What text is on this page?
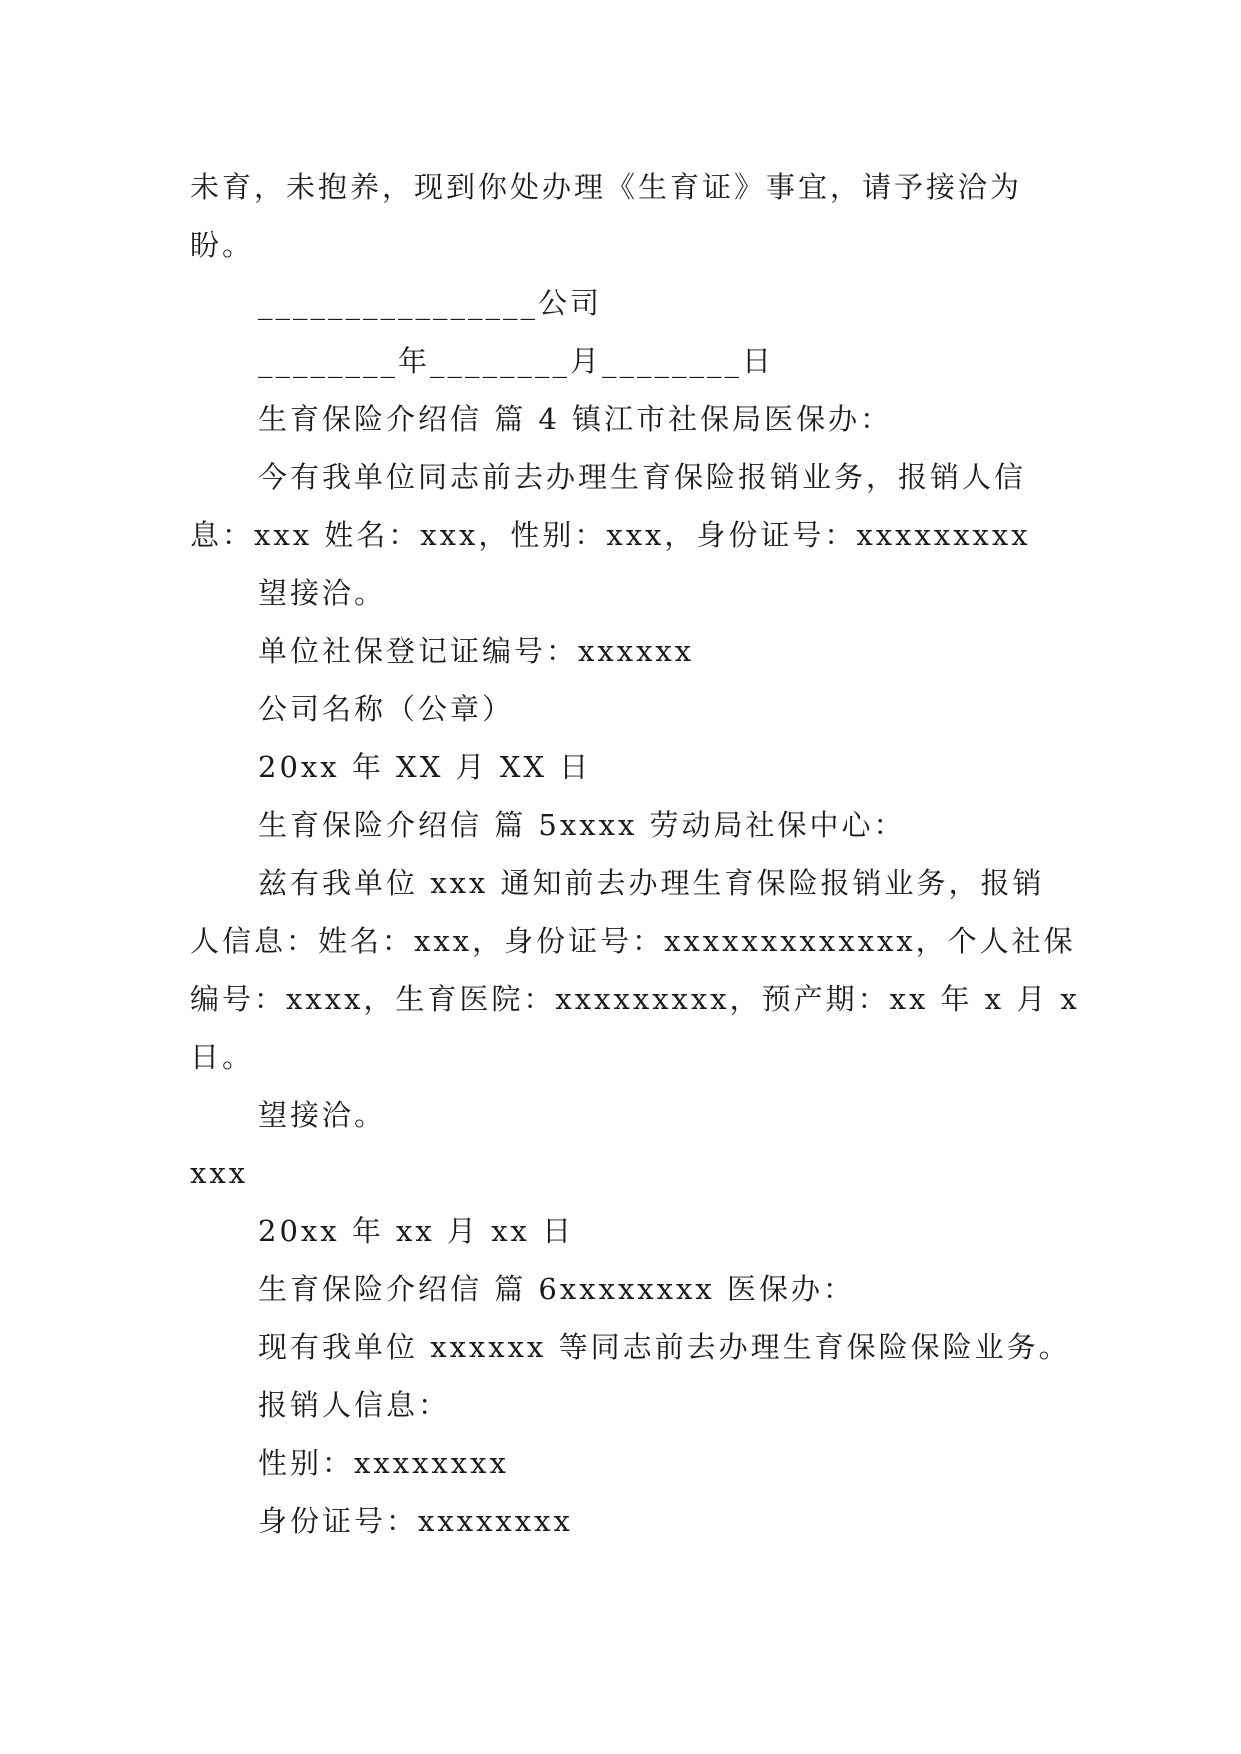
未育，未抱养，现到你处办理《生育证》事宜，请予接洽为
盼。
________________公司
________年________月________日
生育保险介绍信 篇 4 镇江市社保局医保办：
今有我单位同志前去办理生育保险报销业务，报销人信
息：xxx 姓名：xxx，性别：xxx，身份证号：xxxxxxxxx
望接洽。
单位社保登记证编号：xxxxxx
公司名称（公章）
20xx 年 XX 月 XX 日
生育保险介绍信 篇 5xxxx 劳动局社保中心：
兹有我单位 xxx 通知前去办理生育保险报销业务，报销
人信息：姓名：xxx，身份证号：xxxxxxxxxxxxx，个人社保
编号：xxxx，生育医院：xxxxxxxxx，预产期：xx 年 x 月 x
日。
望接洽。
xxx
20xx 年 xx 月 xx 日
生育保险介绍信 篇 6xxxxxxxx 医保办：
现有我单位 xxxxxx 等同志前去办理生育保险保险业务。
报销人信息：
性别：xxxxxxxx
身份证号：xxxxxxxx
